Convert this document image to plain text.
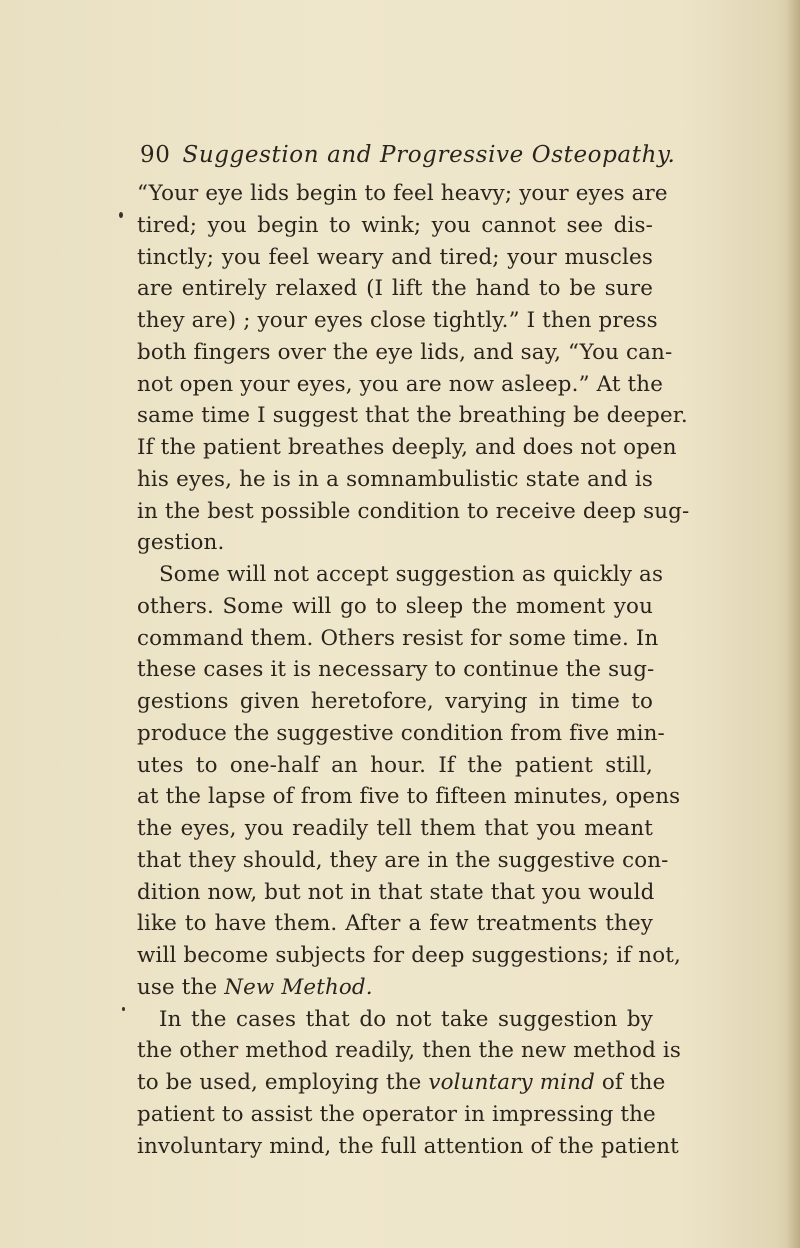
90 Suggestion and Progressive Osteopathy.
“Your eye lids begin to feel heavy; your eyes are
tired; you begin to wink; you cannot see dis-
tinctly; you feel weary and tired; your muscles
are entirely relaxed (I lift the hand to be sure
they are) ; your eyes close tightly.” I then press
both fingers over the eye lids, and say, “You can-
not open your eyes, you are now asleep.” At the
same time I suggest that the breathing be deeper.
If the patient breathes deeply, and does not open
his eyes, he is in a somnambulistic state and is
in the best possible condition to receive deep sug-
gestion.
Some will not accept suggestion as quickly as
others. Some will go to sleep the moment you
command them. Others resist for some time. In
these cases it is necessary to continue the sug-
gestions given heretofore, varying in time to
produce the suggestive condition from five min-
utes to one-half an hour. If the patient still,
at the lapse of from five to fifteen minutes, opens
the eyes, you readily tell them that you meant
that they should, they are in the suggestive con-
dition now, but not in that state that you would
like to have them. After a few treatments they
will become subjects for deep suggestions; if not,
use the New Method.
In the cases that do not take suggestion by
the other method readily, then the new method is
to be used, employing the voluntary mind of the
patient to assist the operator in impressing the
involuntary mind, the full attention of the patient
